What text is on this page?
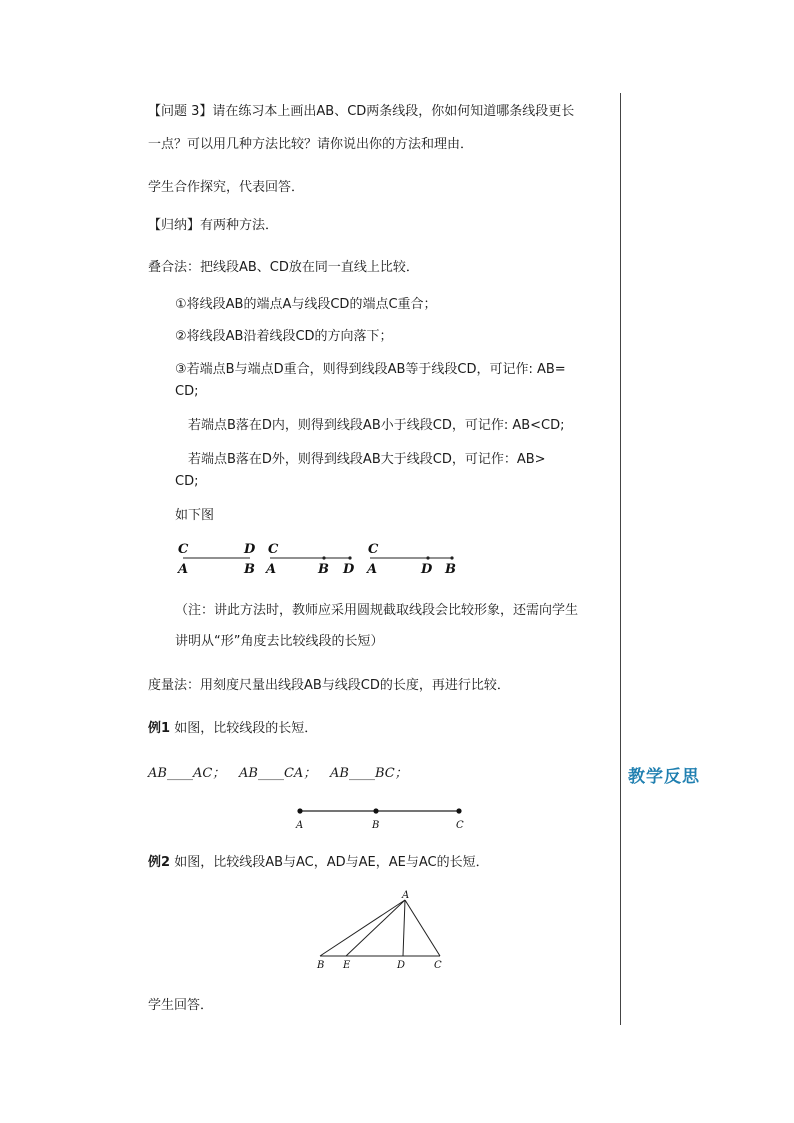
教学反思
【问题 3】请在练习本上画出AB、CD两条线段，你如何知道哪条线段更长
一点？可以用几种方法比较？请你说出你的方法和理由．
学生合作探究，代表回答．
【归纳】有两种方法．
叠合法：把线段AB、CD放在同一直线上比较．
①将线段AB的端点A与线段CD的端点C重合；
②将线段AB沿着线段CD的方向落下；
③若端点B与端点D重合，则得到线段AB等于线段CD，可记作: AB=
CD;
若端点B落在D内，则得到线段AB小于线段CD，可记作: AB<CD;
若端点B落在D外，则得到线段AB大于线段CD，可记作：AB>
CD;
如下图
C	D
A	B
C
A	B D
C
A	D B
（注：讲此方法时，教师应采用圆规截取线段会比较形象，还需向学生
讲明从“形”角度去比较线段的长短）
度量法：用刻度尺量出线段AB与线段CD的长度，再进行比较．
例1 如图，比较线段的长短．
AB____AC； AB____CA； AB____BC；
A	B	C
例2 如图，比较线段AB与AC，AD与AE，AE与AC的长短．
A
B E	D	C
学生回答．
